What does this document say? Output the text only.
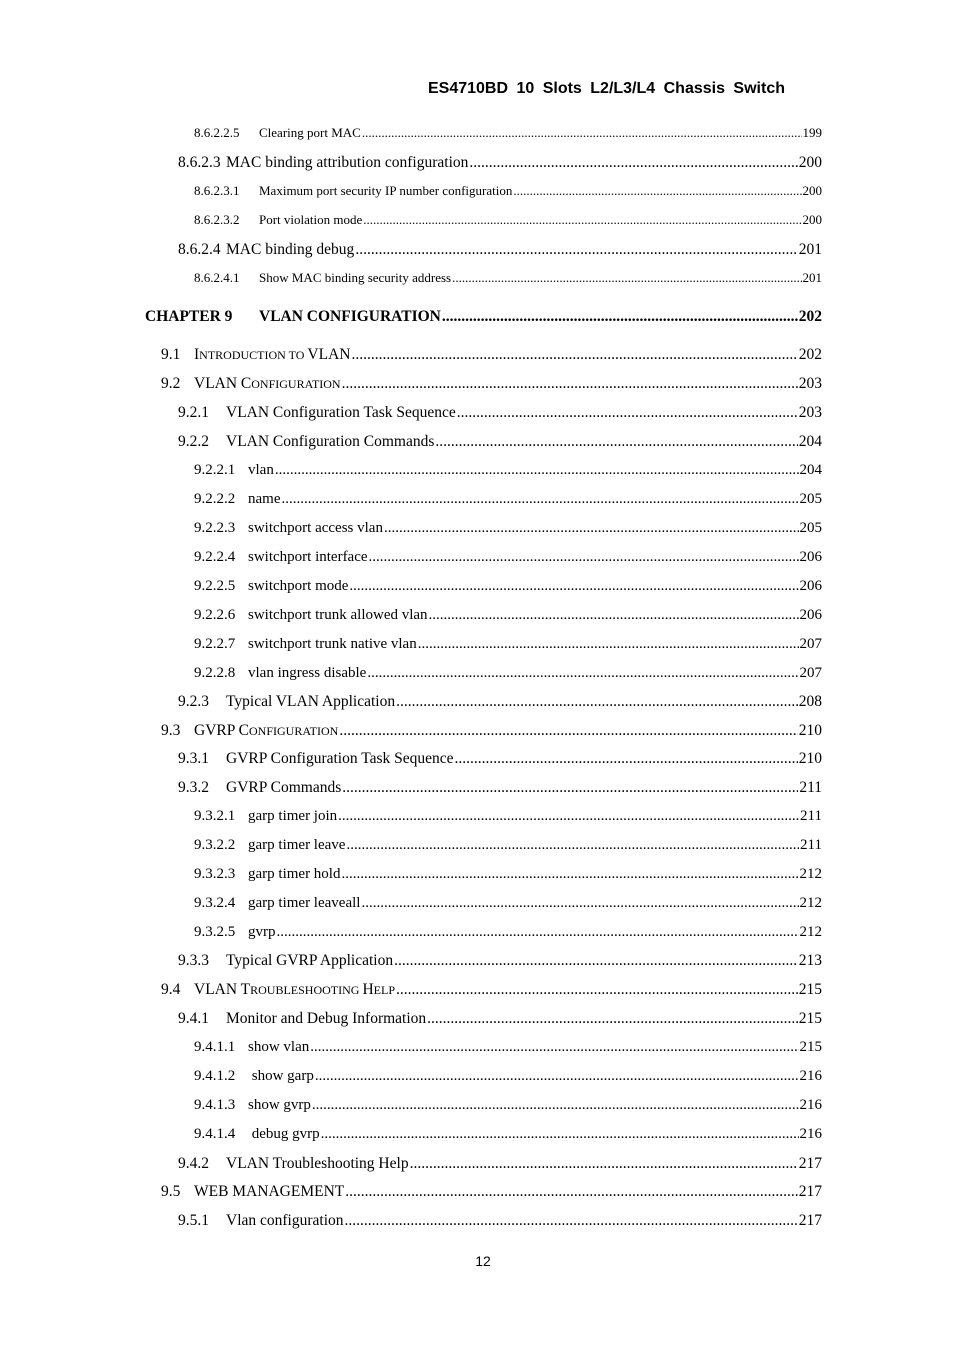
ES4710BD 10 Slots L2/L3/L4 Chassis Switch
8.6.2.2.5	Clearing port MAC .....	199
8.6.2.3 MAC binding attribution configuration .....	200
8.6.2.3.1	Maximum port security IP number configuration .....	200
8.6.2.3.2	Port violation mode .....	200
8.6.2.4 MAC binding debug .....	201
8.6.2.4.1	Show MAC binding security address .....	201
CHAPTER 9	VLAN CONFIGURATION .....	202
9.1 INTRODUCTION TO VLAN .....	202
9.2 VLAN CONFIGURATION .....	203
9.2.1	VLAN Configuration Task Sequence .....	203
9.2.2	VLAN Configuration Commands .....	204
9.2.2.1 vlan .....	204
9.2.2.2 name .....	205
9.2.2.3 switchport access vlan .....	205
9.2.2.4 switchport interface .....	206
9.2.2.5 switchport mode .....	206
9.2.2.6 switchport trunk allowed vlan .....	206
9.2.2.7 switchport trunk native vlan .....	207
9.2.2.8 vlan ingress disable .....	207
9.2.3	Typical VLAN Application .....	208
9.3 GVRP CONFIGURATION .....	210
9.3.1	GVRP Configuration Task Sequence .....	210
9.3.2	GVRP Commands .....	211
9.3.2.1 garp timer join .....	211
9.3.2.2 garp timer leave .....	211
9.3.2.3 garp timer hold .....	212
9.3.2.4 garp timer leaveall .....	212
9.3.2.5 gvrp .....	212
9.3.3	Typical GVRP Application .....	213
9.4 VLAN TROUBLESHOOTING HELP .....	215
9.4.1	Monitor and Debug Information .....	215
9.4.1.1 show vlan .....	215
9.4.1.2 show garp .....	216
9.4.1.3 show gvrp .....	216
9.4.1.4 debug gvrp .....	216
9.4.2	VLAN Troubleshooting Help .....	217
9.5 WEB MANAGEMENT .....	217
9.5.1	Vlan configuration .....	217
12
